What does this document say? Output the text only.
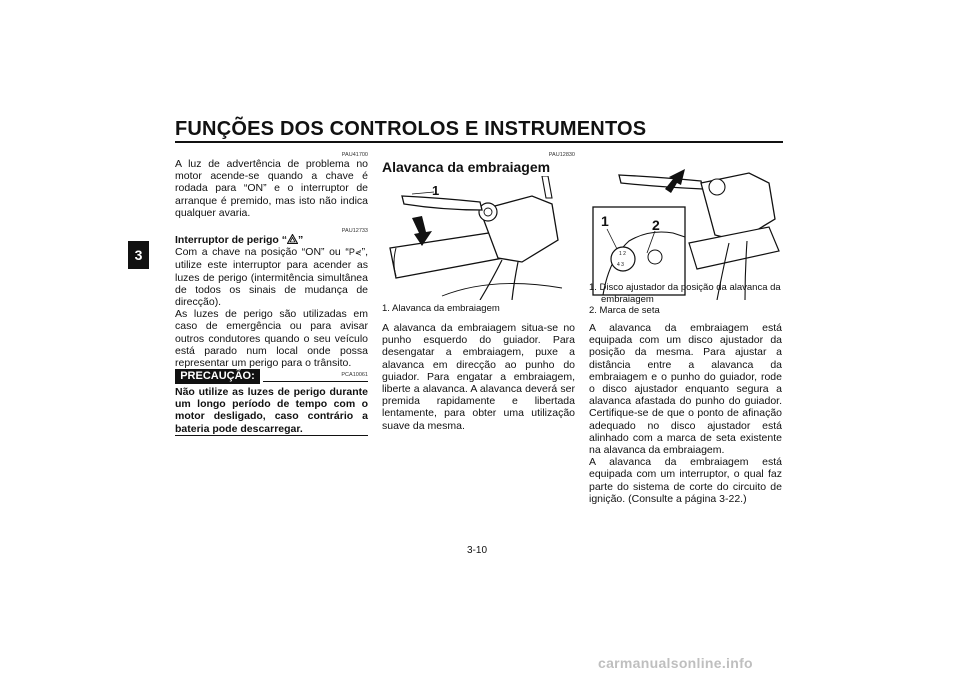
FUNÇÕES DOS CONTROLOS E INSTRUMENTOS
3
PAU41700

A luz de advertência de problema no motor acende-se quando a chave é rodada para “ON” e o interruptor de arranque é premido, mas isto não indica qualquer avaria.

PAU12733

Interruptor de perigo “ ”

Com a chave na posição “ON” ou “P⋞”, utilize este interruptor para acender as luzes de perigo (intermitência simultânea de todos os sinais de mudança de direcção).

As luzes de perigo são utilizadas em caso de emergência ou para avisar outros condutores quando o seu veículo está parado num local onde possa representar um perigo para o trânsito.

PCA10061
PRECAUÇÃO:
Não utilize as luzes de perigo durante um longo período de tempo com o motor desligado, caso contrário a bateria pode descarregar.
PAU12830
Alavanca da embraiagem
1
1. Alavanca da embraiagem
A alavanca da embraiagem situa-se no punho esquerdo do guiador. Para desengatar a embraiagem, puxe a alavanca em direcção ao punho do guiador. Para engatar a embraiagem, liberte a alavanca. A alavanca deverá ser premida rapidamente e libertada lentamente, para obter uma utilização suave da mesma.
1 2
4 3
1	2
1. Disco ajustador da posição da alavanca da embraiagem
2. Marca de seta

A alavanca da embraiagem está equipada com um disco ajustador da posição da mesma. Para ajustar a distância entre a alavanca da embraiagem e o punho do guiador, rode o disco ajustador enquanto segura a alavanca afastada do punho do guiador. Certifique-se de que o ponto de afinação adequado no disco ajustador está alinhado com a marca de seta existente na alavanca da embraiagem.

A alavanca da embraiagem está equipada com um interruptor, o qual faz parte do sistema de corte do circuito de ignição. (Consulte a página 3-22.)

3-10
carmanualsonline.info
